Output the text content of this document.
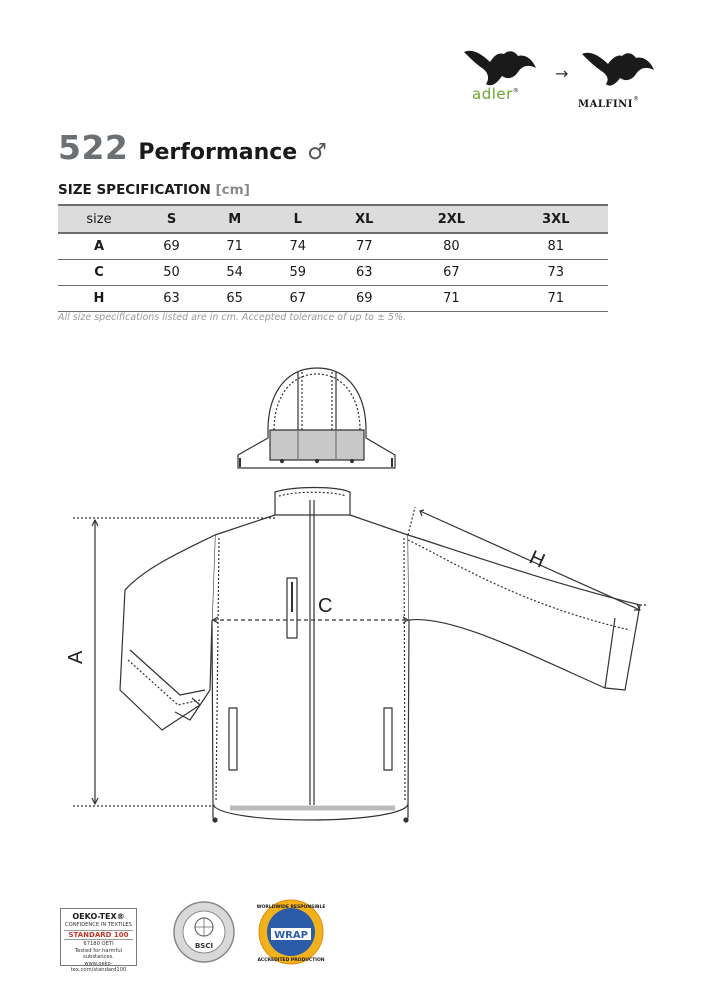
adler®
→
MALFINI®
522 Performance ♂
SIZE SPECIFICATION [cm]
size	S	M	L	XL	2XL	3XL
A	69	71	74	77	80	81
C	50	54	59	63	67	73
H	63	65	67	69	71	71
All size specifications listed are in cm. Accepted tolerance of up to ± 5%.
A
C
H
OEKO-TEX®
CONFIDENCE IN TEXTILES
STANDARD 100
67180 OETI
Tested for harmful substances.
www.oeko-tex.com/standard100
BSCI
WRAP
WORLDWIDE RESPONSIBLE
ACCREDITED PRODUCTION
